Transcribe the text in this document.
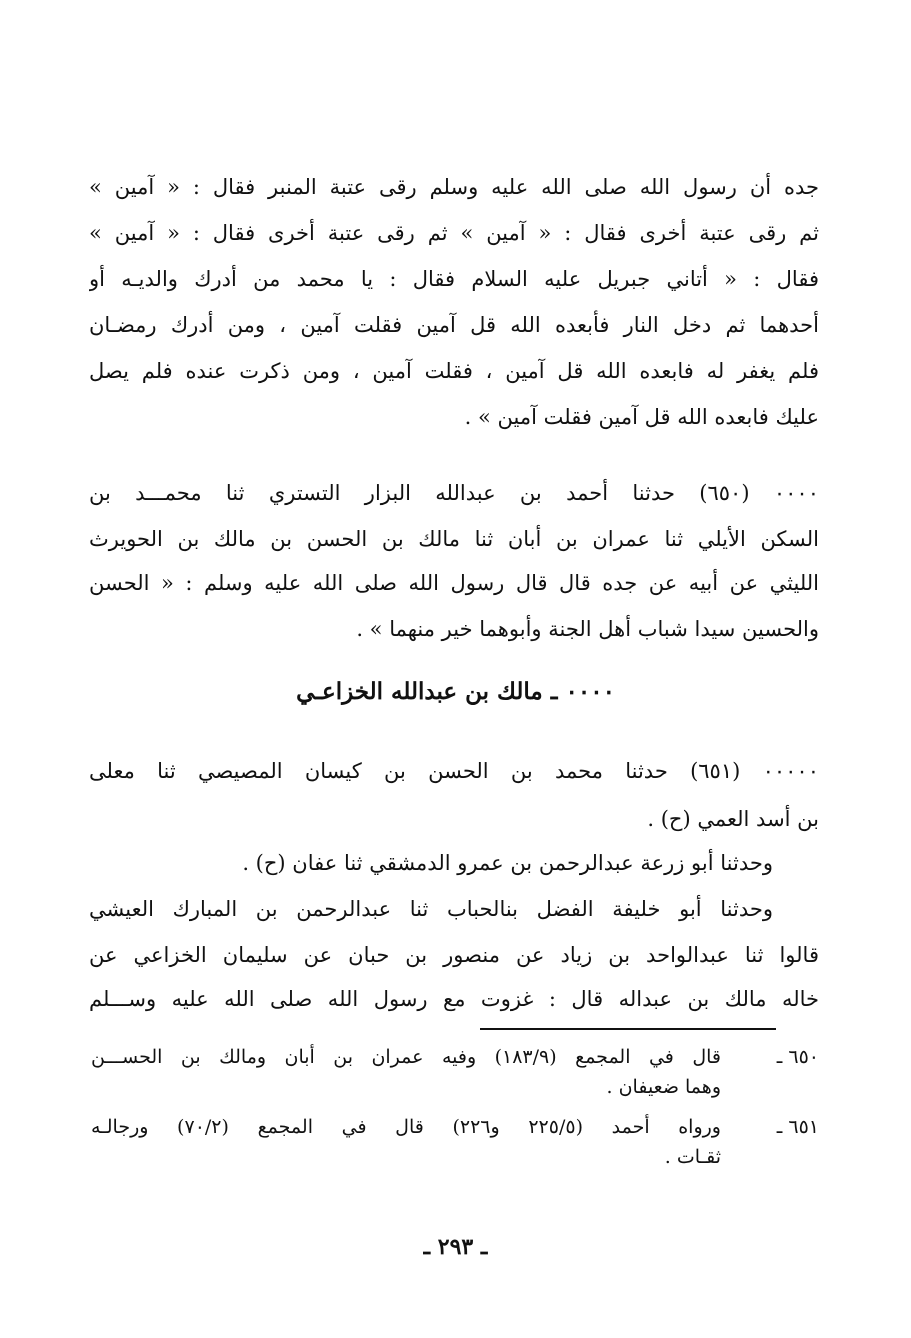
جده أن رسول الله صلى الله عليه وسلم رقى عتبة المنبر فقال : « آمين »
ثم رقى عتبة أخرى فقال : « آمين » ثم رقى عتبة أخرى فقال : « آمين »
فقال : « أتاني جبريل عليه السلام فقال : يا محمد من أدرك والديـه أو
أحدهما ثم دخل النار فأبعده الله قل آمين فقلت آمين ، ومن أدرك رمضـان
فلم يغفر له فابعده الله قل آمين ، فقلت آمين ، ومن ذكرت عنده فلم يصل
عليك فابعده الله قل آمين فقلت آمين » .
٠٠٠٠ (٦٥٠) حدثنا أحمد بن عبدالله البزار التستري ثنا محمـــد بن
السكن الأيلي ثنا عمران بن أبان ثنا مالك بن الحسن بن مالك بن الحويرث
الليثي عن أبيه عن جده قال قال رسول الله صلى الله عليه وسلم : « الحسن
والحسين سيدا شباب أهل الجنة وأبوهما خير منهما » .
٠٠٠٠ ـ مالك بن عبدالله الخزاعـي
٠٠٠٠٠ (٦٥١) حدثنا محمد بن الحسن بن كيسان المصيصي ثنا معلى
بن أسد العمي (ح) .
وحدثنا أبو زرعة عبدالرحمن بن عمرو الدمشقي ثنا عفان (ح) .
وحدثنا أبو خليفة الفضل بنالحباب ثنا عبدالرحمن بن المبارك العيشي
قالوا ثنا عبدالواحد بن زياد عن منصور بن حبان عن سليمان الخزاعي عن
خاله مالك بن عبداله قال : غزوت مع رسول الله صلى الله عليه وســـلم
٦٥٠ ـ
قال في المجمع (١٨٣/٩) وفيه عمران بن أبان ومالك بن الحســـن
وهما ضعيفان .
٦٥١ ـ
ورواه أحمد (٢٢٥/٥ و٢٢٦) قال في المجمع (٧٠/٢) ورجالـه
ثقـات .
ـ ٢٩٣ ـ
